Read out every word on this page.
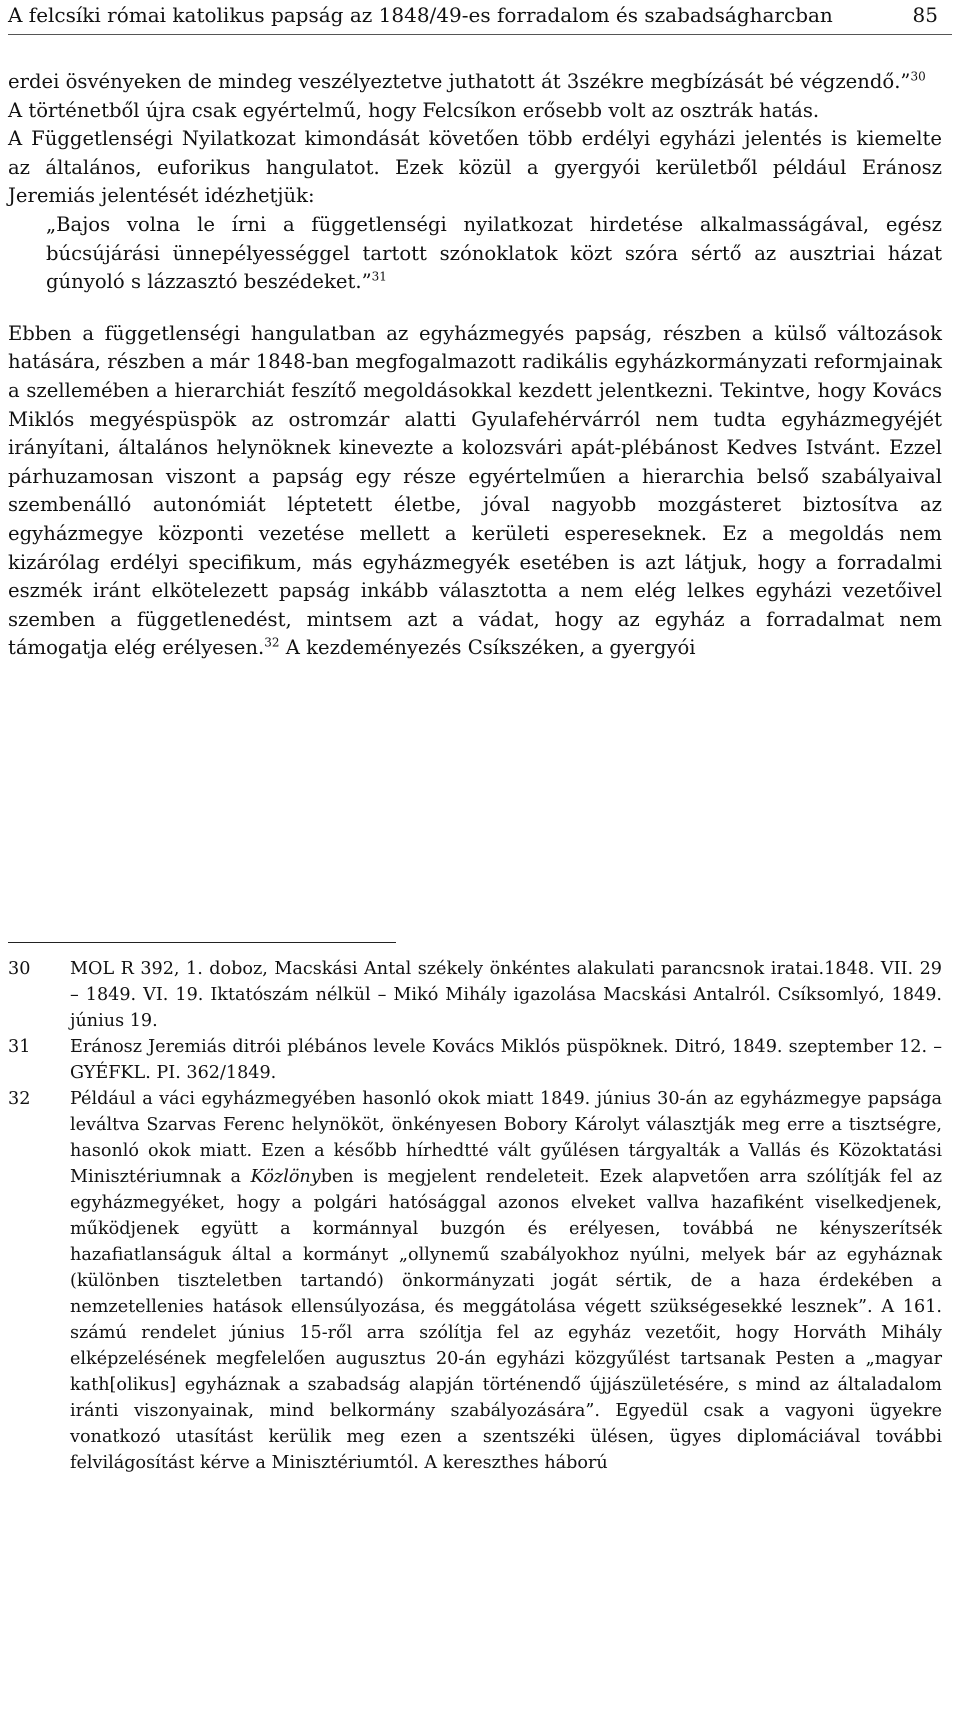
A felcsíki római katolikus papság az 1848/49-es forradalom és szabadságharcban	85

erdei ösvényeken de mindeg veszélyeztetve juthatott át 3székre megbízását bé végzendő.”$^{30}$

A történetből újra csak egyértelmű, hogy Felcsíkon erősebb volt az osztrák hatás.

A Függetlenségi Nyilatkozat kimondását követően több erdélyi egyházi jelentés is kiemelte az általános, euforikus hangulatot. Ezek közül a gyergyói kerületből például Eránosz Jeremiás jelentését idézhetjük:

„Bajos volna le írni a függetlenségi nyilatkozat hirdetése alkalmasságával, egész búcsújárási ünnepélyességgel tartott szónoklatok közt szóra sértő az ausztriai házat gúnyoló s lázzasztó beszédeket.”$^{31}$

Ebben a függetlenségi hangulatban az egyházmegyés papság, részben a külső változások hatására, részben a már 1848-ban megfogalmazott radikális egyházkormányzati reformjainak a szellemében a hierarchiát feszítő megoldásokkal kezdett jelentkezni. Tekintve, hogy Kovács Miklós megyéspüspök az ostromzár alatti Gyulafehérvárról nem tudta egyházmegyéjét irányítani, általános helynöknek kinevezte a kolozsvári apát-plébánost Kedves Istvánt. Ezzel párhuzamosan viszont a papság egy része egyértelműen a hierarchia belső szabályaival szembenálló autonómiát léptetett életbe, jóval nagyobb mozgásteret biztosítva az egyházmegye központi vezetése mellett a kerületi espereseknek. Ez a megoldás nem kizárólag erdélyi specifikum, más egyházmegyék esetében is azt látjuk, hogy a forradalmi eszmék iránt elkötelezett papság inkább választotta a nem elég lelkes egyházi vezetőivel szemben a függetlenedést, mintsem azt a vádat, hogy az egyház a forradalmat nem támogatja elég erélyesen.$^{32}$ A kezdeményezés Csíkszéken, a gyergyói

30 MOL R 392, 1. doboz, Macskási Antal székely önkéntes alakulati parancsnok iratai.1848. VII. 29 – 1849. VI. 19. Iktatószám nélkül – Mikó Mihály igazolása Macskási Antalról. Csíksomlyó, 1849. június 19.

31 Eránosz Jeremiás ditrói plébános levele Kovács Miklós püspöknek. Ditró, 1849. szeptember 12. – GYÉFKL. PI. 362/1849.

32 Például a váci egyházmegyében hasonló okok miatt 1849. június 30-án az egyházmegye papsága leváltva Szarvas Ferenc helynököt, önkényesen Bobory Károlyt választják meg erre a tisztségre, hasonló okok miatt. Ezen a később hírhedtté vált gyűlésen tárgyalták a Vallás és Közoktatási Minisztériumnak a Közlönyben is megjelent rendeleteit. Ezek alapvetően arra szólítják fel az egyházmegyéket, hogy a polgári hatósággal azonos elveket vallva hazafiként viselkedjenek, működjenek együtt a kormánnyal buzgón és erélyesen, továbbá ne kényszerítsék hazafiatlanságuk által a kormányt „ollynemű szabályokhoz nyúlni, melyek bár az egyháznak (különben tiszteletben tartandó) önkormányzati jogát sértik, de a haza érdekében a nemzetellenies hatások ellensúlyozása, és meggátolása végett szükségesekké lesznek”. A 161. számú rendelet június 15-ről arra szólítja fel az egyház vezetőit, hogy Horváth Mihály elképzelésének megfelelően augusztus 20-án egyházi közgyűlést tartsanak Pesten a „magyar kath[olikus] egyháznak a szabadság alapján történendő újjászületésére, s mind az általadalom iránti viszonyainak, mind belkormány szabályozására”. Egyedül csak a vagyoni ügyekre vonatkozó utasítást kerülik meg ezen a szentszéki ülésen, ügyes diplomáciával további felvilágosítást kérve a Minisztériumtól. A kereszthes háború
